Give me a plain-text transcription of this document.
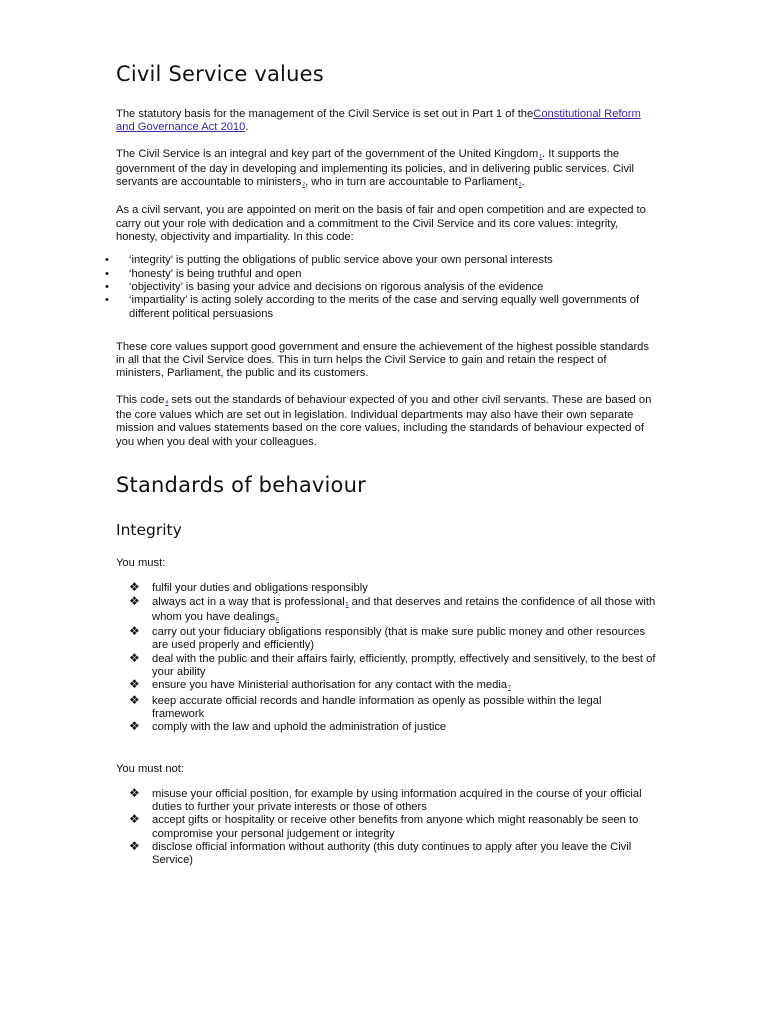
Civil Service values

The statutory basis for the management of the Civil Service is set out in Part 1 of theConstitutional Reform and Governance Act 2010.

The Civil Service is an integral and key part of the government of the United Kingdom$^1$. It supports the government of the day in developing and implementing its policies, and in delivering public services. Civil servants are accountable to ministers$^2$, who in turn are accountable to Parliament$^3$.

As a civil servant, you are appointed on merit on the basis of fair and open competition and are expected to carry out your role with dedication and a commitment to the Civil Service and its core values: integrity, honesty, objectivity and impartiality. In this code:

• ‘integrity’ is putting the obligations of public service above your own personal interests
• ‘honesty’ is being truthful and open
• ‘objectivity’ is basing your advice and decisions on rigorous analysis of the evidence
• ‘impartiality’ is acting solely according to the merits of the case and serving equally well governments of different political persuasions

These core values support good government and ensure the achievement of the highest possible standards in all that the Civil Service does. This in turn helps the Civil Service to gain and retain the respect of ministers, Parliament, the public and its customers.

This code$^4$ sets out the standards of behaviour expected of you and other civil servants. These are based on the core values which are set out in legislation. Individual departments may also have their own separate mission and values statements based on the core values, including the standards of behaviour expected of you when you deal with your colleagues.

Standards of behaviour
Integrity

You must:

❖ fulfil your duties and obligations responsibly
❖ always act in a way that is professional$^5$ and that deserves and retains the confidence of all those with whom you have dealings$^6$
❖ carry out your fiduciary obligations responsibly (that is make sure public money and other resources are used properly and efficiently)
❖ deal with the public and their affairs fairly, efficiently, promptly, effectively and sensitively, to the best of your ability
❖ ensure you have Ministerial authorisation for any contact with the media$^7$
❖ keep accurate official records and handle information as openly as possible within the legal framework
❖ comply with the law and uphold the administration of justice

You must not:

❖ misuse your official position, for example by using information acquired in the course of your official duties to further your private interests or those of others
❖ accept gifts or hospitality or receive other benefits from anyone which might reasonably be seen to compromise your personal judgement or integrity
❖ disclose official information without authority (this duty continues to apply after you leave the Civil Service)
